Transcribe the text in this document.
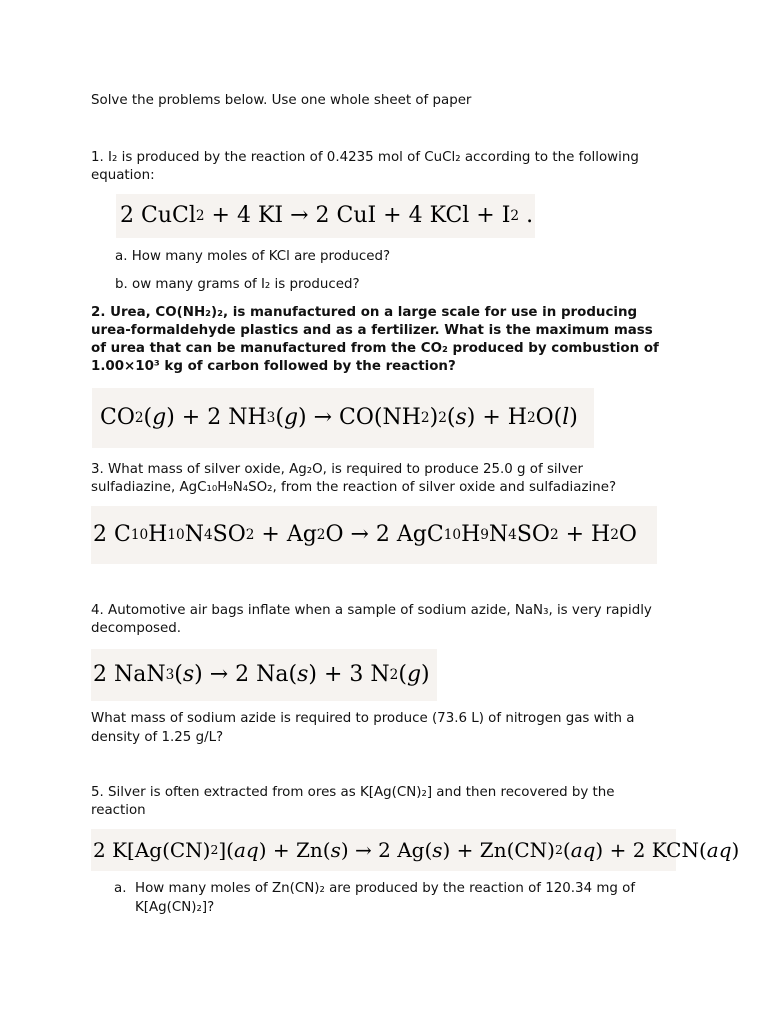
Solve the problems below. Use one whole sheet of paper

1. I₂ is produced by the reaction of 0.4235 mol of CuCl₂ according to the following

equation:

2
CuCl 2 + 4 KI → 2 CuI + 4 KCl + I 2 .

a. How many moles of KCl are produced?

b. ow many grams of I₂ is produced?

2. Urea, CO(NH₂)₂, is manufactured on a large scale for use in producing

urea-formaldehyde plastics and as a fertilizer. What is the maximum mass

of urea that can be manufactured from the CO₂ produced by combustion of

1.00×10³ kg of carbon followed by the reaction?

CO 2 ( g ) + 2 NH 3 ( g ) → CO(NH 2 ) 2 ( s ) + H 2 O( l )

3. What mass of silver oxide, Ag₂O, is required to produce 25.0 g of silver

sulfadiazine, AgC₁₀H₉N₄SO₂, from the reaction of silver oxide and sulfadiazine?

2 C 10 H 10 N 4 SO 2 + Ag 2 O → 2 AgC 10 H 9 N 4 SO 2 + H 2 O

4. Automotive air bags inflate when a sample of sodium azide, NaN₃, is very rapidly

decomposed.

2 NaN 3 ( s ) → 2 Na( s ) + 3 N 2 ( g )

What mass of sodium azide is required to produce (73.6 L) of nitrogen gas with a

density of 1.25 g/L?

5. Silver is often extracted from ores as K[Ag(CN)₂] and then recovered by the

reaction

2 K[Ag(CN) 2 ]( aq ) + Zn( s ) → 2 Ag( s ) + Zn(CN) 2 ( aq ) + 2 KCN( aq )
a. How many moles of Zn(CN)₂ are produced by the reaction of 120.34 mg of

K[Ag(CN)₂]?
